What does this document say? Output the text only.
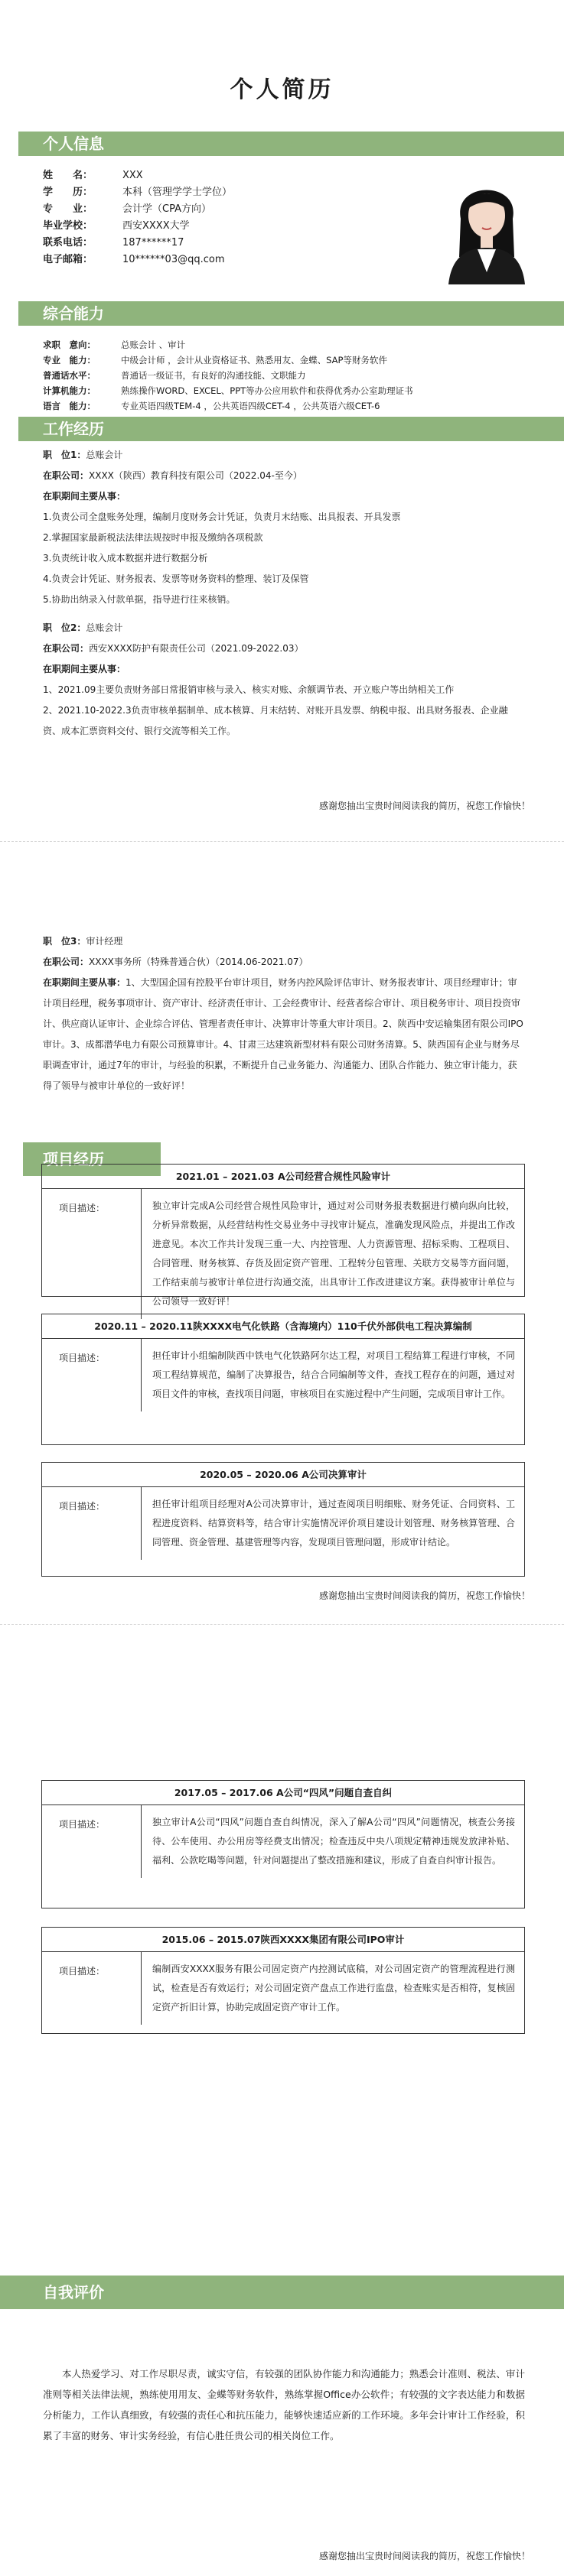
个人简历
个人信息
姓　　名：	XXX
学　　历：	本科（管理学学士学位）
专　　业：	会计学（CPA方向）
毕业学校：	西安XXXX大学
联系电话：	187******17
电子邮箱：	10******03@qq.com
综合能力
求职　意向：	总账会计 、审计
专业　能力：	中级会计师 ，会计从业资格证书、熟悉用友、金蝶、SAP等财务软件
普通话水平：	普通话一级证书，有良好的沟通技能、文职能力
计算机能力：	熟练操作WORD、EXCEL、PPT等办公应用软件和获得优秀办公室助理证书
语言　能力：	专业英语四级TEM-4 ，公共英语四级CET-4 ，公共英语六级CET-6
工作经历

职　位1：总账会计

在职公司：XXXX（陕西）教育科技有限公司（2022.04-至今）

在职期间主要从事：

1.负责公司全盘账务处理，编制月度财务会计凭证，负责月末结账、出具报表、开具发票

2.掌握国家最新税法法律法规按时申报及缴纳各项税款

3.负责统计收入成本数据并进行数据分析

4.负责会计凭证、财务报表、发票等财务资料的整理、装订及保管

5.协助出纳录入付款单据，指导进行往来核销。

职　位2：总账会计

在职公司：西安XXXX防护有限责任公司（2021.09-2022.03）

在职期间主要从事：

1、2021.09主要负责财务部日常报销审核与录入、核实对账、余额调节表、开立账户等出纳相关工作

2、2021.10-2022.3负责审核单据制单、成本核算、月末结转、对账开具发票、纳税申报、出具财务报表、企业融资、成本汇票资料交付、银行交流等相关工作。

感谢您抽出宝贵时间阅读我的简历，祝您工作愉快！

职　位3：审计经理

在职公司：XXXX事务所（特殊普通合伙）（2014.06-2021.07）

在职期间主要从事：1、大型国企国有控股平台审计项目，财务内控风险评估审计、财务报表审计、项目经理审计；审计项目经理，税务事项审计、资产审计、经济责任审计、工会经费审计、经营者综合审计、项目税务审计、项目投资审计、供应商认证审计、企业综合评估、管理者责任审计、决算审计等重大审计项目。2、陕西中安运输集团有限公司IPO审计。3、成都潜华电力有限公司预算审计。4、甘肃三达建筑新型材料有限公司财务清算。5、陕西国有企业与财务尽职调查审计，通过7年的审计，与经验的积累，不断提升自己业务能力、沟通能力、团队合作能力、独立审计能力，获得了领导与被审计单位的一致好评！

项目经历
2021.01 – 2021.03 A公司经营合规性风险审计
项目描述：	独立审计完成A公司经营合规性风险审计，通过对公司财务报表数据进行横向纵向比较，分析异常数据，从经营结构性交易业务中寻找审计疑点，准确发现风险点，并提出工作改进意见。本次工作共计发现三重一大、内控管理、人力资源管理、招标采购、工程项目、合同管理、财务核算、存货及固定资产管理、工程转分包管理、关联方交易等方面问题，工作结束前与被审计单位进行沟通交流，出具审计工作改进建议方案。获得被审计单位与公司领导一致好评！
2020.11 – 2020.11陕XXXX电气化铁路（含海境内）110千伏外部供电工程决算编制
项目描述：	担任审计小组编制陕西中铁电气化铁路阿尔达工程，对项目工程结算工程进行审核，不同项工程结算规范，编制了决算报告，结合合同编制等文件，查找工程存在的问题，通过对项目文件的审核，查找项目问题，审核项目在实施过程中产生问题，完成项目审计工作。
2020.05 – 2020.06 A公司决算审计
项目描述：	担任审计组项目经理对A公司决算审计，通过查阅项目明细账、财务凭证、合同资料、工程进度资料、结算资料等，结合审计实施情况评价项目建设计划管理、财务核算管理、合同管理、资金管理、基建管理等内容，发现项目管理问题，形成审计结论。
感谢您抽出宝贵时间阅读我的简历，祝您工作愉快！
2017.05 – 2017.06 A公司“四风”问题自查自纠
项目描述：	独立审计A公司“四风”问题自查自纠情况，深入了解A公司“四风”问题情况，核查公务接待、公车使用、办公用房等经费支出情况；检查违反中央八项规定精神违规发放津补贴、福利、公款吃喝等问题，针对问题提出了整改措施和建议，形成了自查自纠审计报告。
2015.06 – 2015.07陕西XXXX集团有限公司IPO审计
项目描述：	编制西安XXXX服务有限公司固定资产内控测试底稿，对公司固定资产的管理流程进行测试，检查是否有效运行；对公司固定资产盘点工作进行监盘，检查账实是否相符，复核固定资产折旧计算，协助完成固定资产审计工作。
自我评价
本人热爱学习、对工作尽职尽责，诚实守信，有较强的团队协作能力和沟通能力；熟悉会计准则、税法、审计准则等相关法律法规，熟练使用用友、金蝶等财务软件，熟练掌握Office办公软件；有较强的文字表达能力和数据分析能力，工作认真细致，有较强的责任心和抗压能力，能够快速适应新的工作环境。多年会计审计工作经验，积累了丰富的财务、审计实务经验，有信心胜任贵公司的相关岗位工作。
感谢您抽出宝贵时间阅读我的简历，祝您工作愉快！
